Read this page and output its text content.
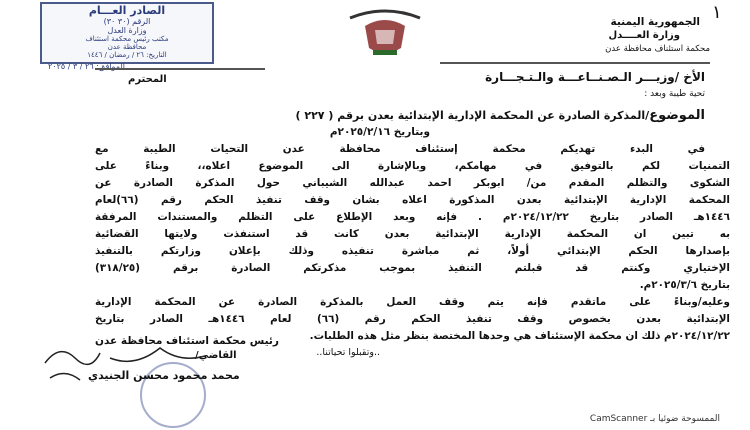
١
الجمهورية اليمنية
وزارة العــــدل
محكمة استئناف محافظة عدن
الصادر العـــام
الرقم (٣٠ ٣٠)
وزارة العدل
مكتب رئيس محكمة استئناف
محافظة عدن
التاريخ: ٢٦ / رمضان / ١٤٤٦
الموافق: ٢٦ / ٣ / ٢٠٢٥
الأخ /وزيـــر الـصـنــاعـــة والـتـجـــارة
المحترم
تحية طيبة وبعد :
الموضوع/المذكرة الصادرة عن المحكمة الإدارية الإبتدائية بعدن برقم ( ٢٢٧ )
وبتاريخ ٢٠٢٥/٢/١٦م
في البدء تهديكم محكمة إستئناف محافظة عدن التحيات الطيبة مع
التمنيات لكم بالتوفيق في مهامكم، وبالإشارة الى الموضوع اعلاه،، وبناءً على
الشكوى والتظلم المقدم من/ ابوبكر احمد عبدالله الشيباني حول المذكرة الصادرة عن
المحكمة الإدارية الإبتدائية بعدن المذكورة اعلاه بشان وقف تنفيذ الحكم رقم (٦٦)لعام
١٤٤٦هـ الصادر بتاريخ ٢٠٢٤/١٢/٢٢م . فإنه وبعد الإطلاع على التظلم والمستندات المرفقة
به تبين ان المحكمة الإدارية الإبتدائية بعدن كانت قد استنفذت ولايتها القضائية
بإصدارها الحكم الإبتدائي أولاً، ثم مباشرة تنفيذه وذلك بإعلان وزارتكم بالتنفيذ
الإختياري وكنتم قد قبلتم التنفيذ بموجب مذكرتكم الصادرة برقم (٣١٨/٢٥)
بتاريخ ٢٠٢٥/٣/٦م.
وعليه/وبناءً على ماتقدم فإنه يتم وقف العمل بالمذكرة الصادرة عن المحكمة الإدارية
الإبتدائية بعدن بخصوص وقف تنفيذ الحكم رقم (٦٦) لعام ١٤٤٦هـ الصادر بتاريخ
٢٠٢٤/١٢/٢٢م ذلك ان محكمة الإستئناف هي وحدها المختصة بنظر مثل هذه الطلبات.
..وتقبلوا تحياتنا..
رئيس محكمة استئناف محافظة عدن
القاضي/
محمد محمود محسن الجنيدي
الممسوحة ضوئيا بـ CamScanner
